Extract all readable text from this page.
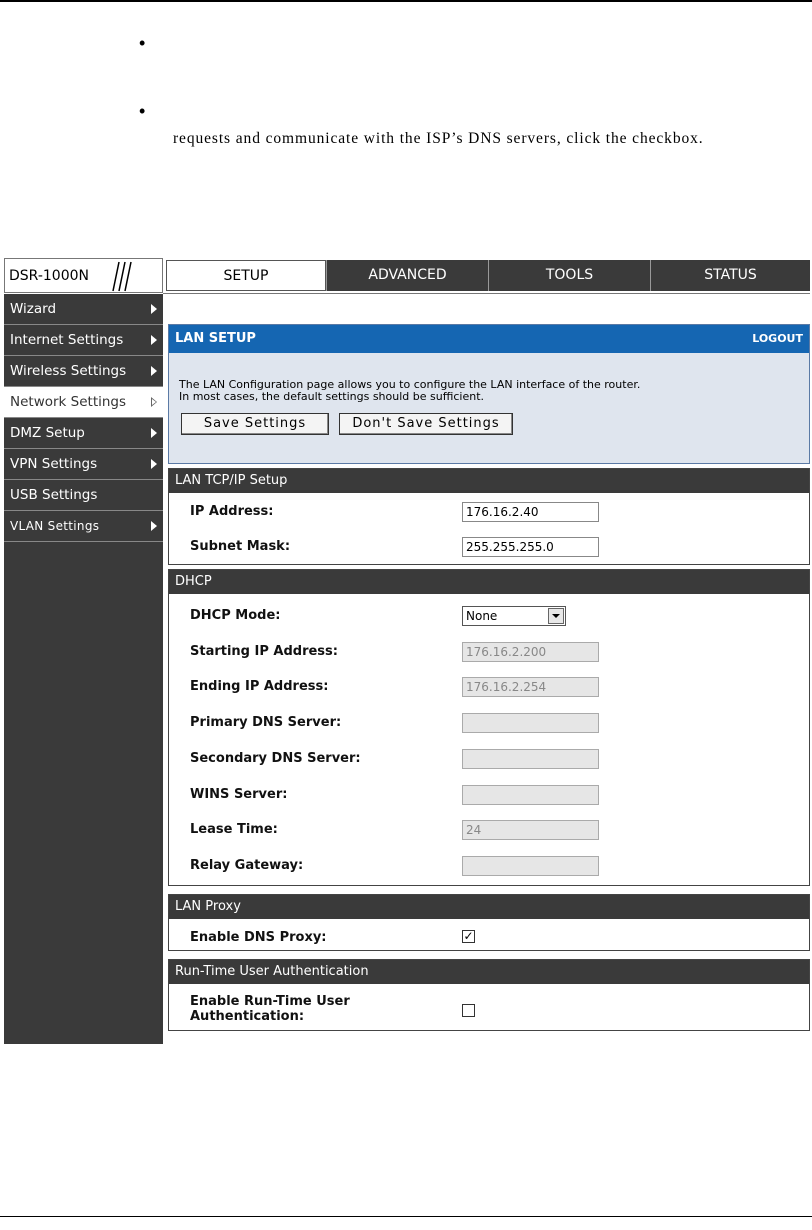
•
•
requests and communicate with the ISP’s DNS servers, click the checkbox.
DSR-1000N	SETUP	ADVANCED	TOOLS	STATUS
Wizard
Internet Settings
Wireless Settings
Network Settings
DMZ Setup
VPN Settings
USB Settings
VLAN Settings
LAN SETUP	LOGOUT
The LAN Configuration page allows you to configure the LAN interface of the router.
In most cases, the default settings should be sufficient.
Save Settings	Don't Save Settings
LAN TCP/IP Setup
IP Address:	176.16.2.40
Subnet Mask:	255.255.255.0
DHCP
DHCP Mode:	None
Starting IP Address:	176.16.2.200
Ending IP Address:	176.16.2.254
Primary DNS Server:
Secondary DNS Server:
WINS Server:
Lease Time:	24
Relay Gateway:
LAN Proxy
Enable DNS Proxy:	✓
Run-Time User Authentication
Enable Run-Time User
Authentication:
